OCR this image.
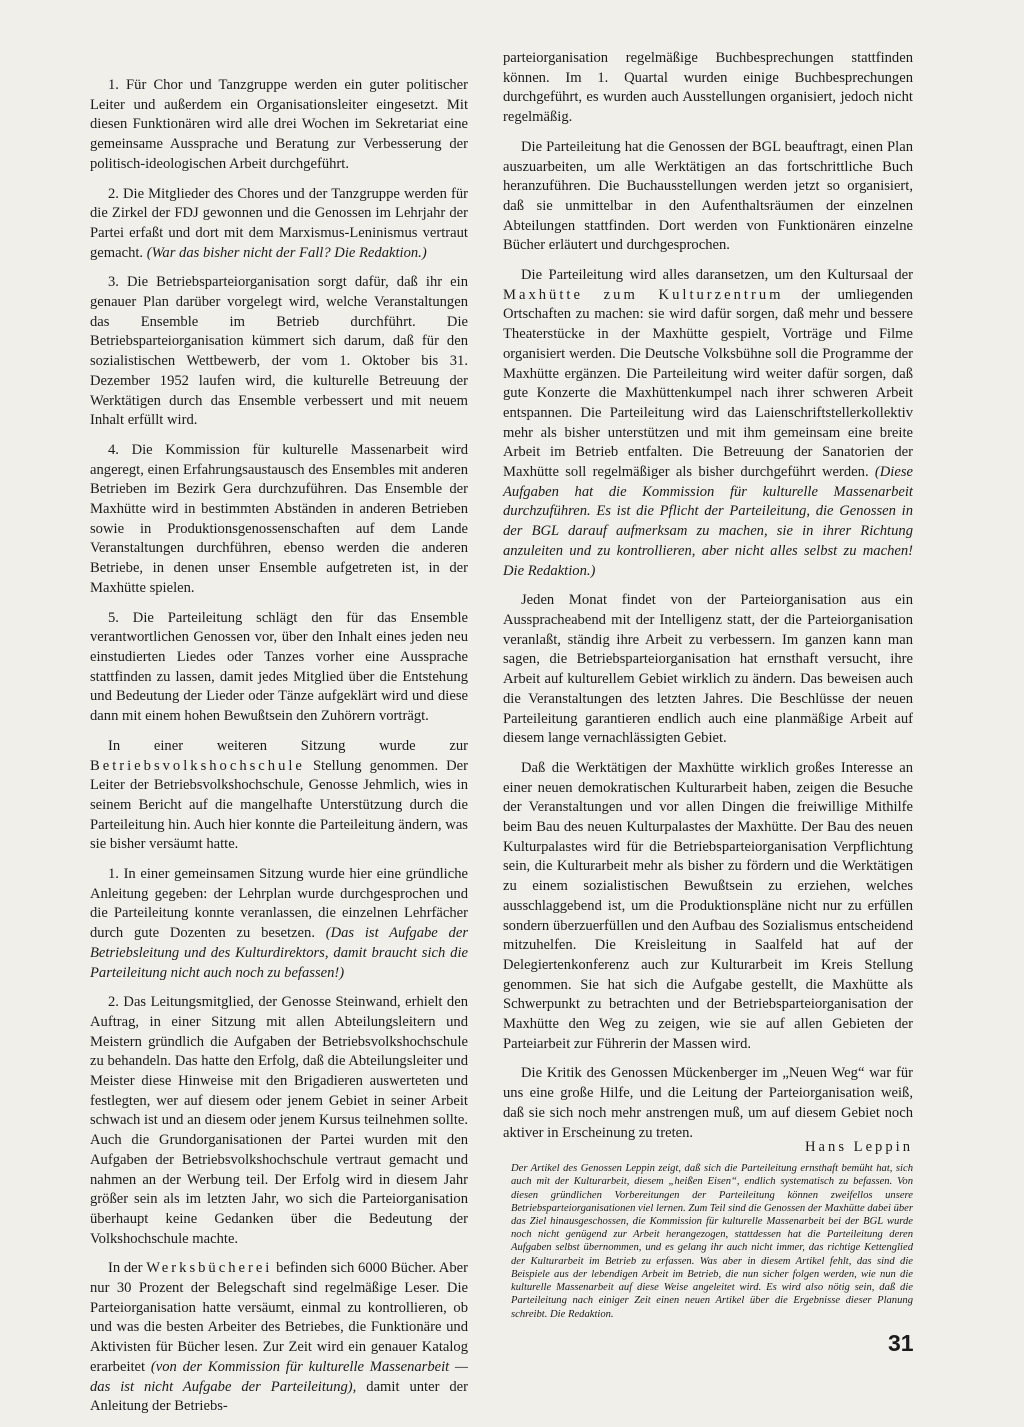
1. Für Chor und Tanzgruppe werden ein guter politischer Leiter und außerdem ein Organisationsleiter eingesetzt. Mit diesen Funktionären wird alle drei Wochen im Sekretariat eine gemeinsame Aussprache und Beratung zur Verbesserung der politisch-ideologischen Arbeit durchgeführt.

2. Die Mitglieder des Chores und der Tanzgruppe werden für die Zirkel der FDJ gewonnen und die Genossen im Lehrjahr der Partei erfaßt und dort mit dem Marxismus-Leninismus vertraut gemacht. (War das bisher nicht der Fall? Die Redaktion.)

3. Die Betriebsparteiorganisation sorgt dafür, daß ihr ein genauer Plan darüber vorgelegt wird, welche Veranstaltungen das Ensemble im Betrieb durchführt. Die Betriebsparteiorganisation kümmert sich darum, daß für den sozialistischen Wettbewerb, der vom 1. Oktober bis 31. Dezember 1952 laufen wird, die kulturelle Betreuung der Werktätigen durch das Ensemble verbessert und mit neuem Inhalt erfüllt wird.

4. Die Kommission für kulturelle Massenarbeit wird angeregt, einen Erfahrungsaustausch des Ensembles mit anderen Betrieben im Bezirk Gera durchzuführen. Das Ensemble der Maxhütte wird in bestimmten Abständen in anderen Betrieben sowie in Produktionsgenossenschaften auf dem Lande Veranstaltungen durchführen, ebenso werden die anderen Betriebe, in denen unser Ensemble aufgetreten ist, in der Maxhütte spielen.

5. Die Parteileitung schlägt den für das Ensemble verantwortlichen Genossen vor, über den Inhalt eines jeden neu einstudierten Liedes oder Tanzes vorher eine Aussprache stattfinden zu lassen, damit jedes Mitglied über die Entstehung und Bedeutung der Lieder oder Tänze aufgeklärt wird und diese dann mit einem hohen Bewußtsein den Zuhörern vorträgt.

In einer weiteren Sitzung wurde zur Betriebsvolkshochschule Stellung genommen. Der Leiter der Betriebsvolkshochschule, Genosse Jehmlich, wies in seinem Bericht auf die mangelhafte Unterstützung durch die Parteileitung hin. Auch hier konnte die Parteileitung ändern, was sie bisher versäumt hatte.

1. In einer gemeinsamen Sitzung wurde hier eine gründliche Anleitung gegeben: der Lehrplan wurde durchgesprochen und die Parteileitung konnte veranlassen, die einzelnen Lehrfächer durch gute Dozenten zu besetzen. (Das ist Aufgabe der Betriebsleitung und des Kulturdirektors, damit braucht sich die Parteileitung nicht auch noch zu befassen!)

2. Das Leitungsmitglied, der Genosse Steinwand, erhielt den Auftrag, in einer Sitzung mit allen Abteilungsleitern und Meistern gründlich die Aufgaben der Betriebsvolkshochschule zu behandeln. Das hatte den Erfolg, daß die Abteilungsleiter und Meister diese Hinweise mit den Brigadieren auswerteten und festlegten, wer auf diesem oder jenem Gebiet in seiner Arbeit schwach ist und an diesem oder jenem Kursus teilnehmen sollte. Auch die Grundorganisationen der Partei wurden mit den Aufgaben der Betriebsvolkshochschule vertraut gemacht und nahmen an der Werbung teil. Der Erfolg wird in diesem Jahr größer sein als im letzten Jahr, wo sich die Parteiorganisation überhaupt keine Gedanken über die Bedeutung der Volkshochschule machte.

In der Werksbücherei befinden sich 6000 Bücher. Aber nur 30 Prozent der Belegschaft sind regelmäßige Leser. Die Parteiorganisation hatte versäumt, einmal zu kontrollieren, ob und was die besten Arbeiter des Betriebes, die Funktionäre und Aktivisten für Bücher lesen. Zur Zeit wird ein genauer Katalog erarbeitet (von der Kommission für kulturelle Massenarbeit — das ist nicht Aufgabe der Parteileitung), damit unter der Anleitung der Betriebs-

parteiorganisation regelmäßige Buchbesprechungen stattfinden können. Im 1. Quartal wurden einige Buchbesprechungen durchgeführt, es wurden auch Ausstellungen organisiert, jedoch nicht regelmäßig.

Die Parteileitung hat die Genossen der BGL beauftragt, einen Plan auszuarbeiten, um alle Werktätigen an das fortschrittliche Buch heranzuführen. Die Buchausstellungen werden jetzt so organisiert, daß sie unmittelbar in den Aufenthaltsräumen der einzelnen Abteilungen stattfinden. Dort werden von Funktionären einzelne Bücher erläutert und durchgesprochen.

Die Parteileitung wird alles daransetzen, um den Kultursaal der Maxhütte zum Kulturzentrum der umliegenden Ortschaften zu machen: sie wird dafür sorgen, daß mehr und bessere Theaterstücke in der Maxhütte gespielt, Vorträge und Filme organisiert werden. Die Deutsche Volksbühne soll die Programme der Maxhütte ergänzen. Die Parteileitung wird weiter dafür sorgen, daß gute Konzerte die Maxhüttenkumpel nach ihrer schweren Arbeit entspannen. Die Parteileitung wird das Laienschriftstellerkollektiv mehr als bisher unterstützen und mit ihm gemeinsam eine breite Arbeit im Betrieb entfalten. Die Betreuung der Sanatorien der Maxhütte soll regelmäßiger als bisher durchgeführt werden. (Diese Aufgaben hat die Kommission für kulturelle Massenarbeit durchzuführen. Es ist die Pflicht der Parteileitung, die Genossen in der BGL darauf aufmerksam zu machen, sie in ihrer Richtung anzuleiten und zu kontrollieren, aber nicht alles selbst zu machen! Die Redaktion.)

Jeden Monat findet von der Parteiorganisation aus ein Ausspracheabend mit der Intelligenz statt, der die Parteiorganisation veranlaßt, ständig ihre Arbeit zu verbessern. Im ganzen kann man sagen, die Betriebsparteiorganisation hat ernsthaft versucht, ihre Arbeit auf kulturellem Gebiet wirklich zu ändern. Das beweisen auch die Veranstaltungen des letzten Jahres. Die Beschlüsse der neuen Parteileitung garantieren endlich auch eine planmäßige Arbeit auf diesem lange vernachlässigten Gebiet.

Daß die Werktätigen der Maxhütte wirklich großes Interesse an einer neuen demokratischen Kulturarbeit haben, zeigen die Besuche der Veranstaltungen und vor allen Dingen die freiwillige Mithilfe beim Bau des neuen Kulturpalastes der Maxhütte. Der Bau des neuen Kulturpalastes wird für die Betriebsparteiorganisation Verpflichtung sein, die Kulturarbeit mehr als bisher zu fördern und die Werktätigen zu einem sozialistischen Bewußtsein zu erziehen, welches ausschlaggebend ist, um die Produktionspläne nicht nur zu erfüllen sondern überzuerfüllen und den Aufbau des Sozialismus entscheidend mitzuhelfen. Die Kreisleitung in Saalfeld hat auf der Delegiertenkonferenz auch zur Kulturarbeit im Kreis Stellung genommen. Sie hat sich die Aufgabe gestellt, die Maxhütte als Schwerpunkt zu betrachten und der Betriebsparteiorganisation der Maxhütte den Weg zu zeigen, wie sie auf allen Gebieten der Parteiarbeit zur Führerin der Massen wird.

Die Kritik des Genossen Mückenberger im „Neuen Weg“ war für uns eine große Hilfe, und die Leitung der Parteiorganisation weiß, daß sie sich noch mehr anstrengen muß, um auf diesem Gebiet noch aktiver in Erscheinung zu treten.

Hans Leppin
Der Artikel des Genossen Leppin zeigt, daß sich die Parteileitung ernsthaft bemüht hat, sich auch mit der Kulturarbeit, diesem „heißen Eisen“, endlich systematisch zu befassen. Von diesen gründlichen Vorbereitungen der Parteileitung können zweifellos unsere Betriebsparteiorganisationen viel lernen. Zum Teil sind die Genossen der Maxhütte dabei über das Ziel hinausgeschossen, die Kommission für kulturelle Massenarbeit bei der BGL wurde noch nicht genügend zur Arbeit herangezogen, stattdessen hat die Parteileitung deren Aufgaben selbst übernommen, und es gelang ihr auch nicht immer, das richtige Kettenglied der Kulturarbeit im Betrieb zu erfassen. Was aber in diesem Artikel fehlt, das sind die Beispiele aus der lebendigen Arbeit im Betrieb, die nun sicher folgen werden, wie nun die kulturelle Massenarbeit auf diese Weise angeleitet wird. Es wird also nötig sein, daß die Parteileitung nach einiger Zeit einen neuen Artikel über die Ergebnisse dieser Planung schreibt. Die Redaktion.
31
